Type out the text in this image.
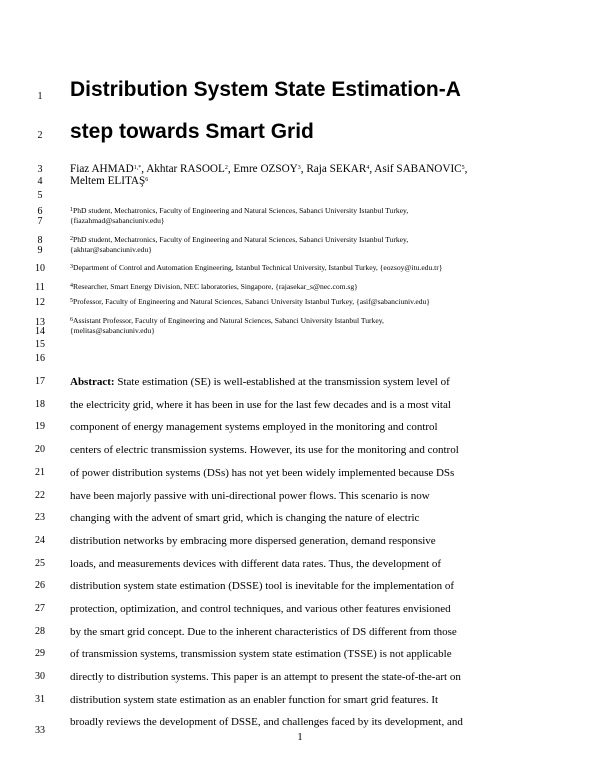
1
2
3
4
5
6
7
8
9
10
11
12
13
14
15
16
17
18
19
20
21
22
23
24
25
26
27
28
29
30
31
33
Distribution System State Estimation-A
step towards Smart Grid
Fiaz $AHMAD^{1,*}$, Akhtar RASOOL$^2$, Emre OZSOY$^3$, Raja SEKAR$^4$, Asif SABANOVIC$^5$,
Meltem ELITAŞ$^6$
$^1$PhD student, Mechatronics, Faculty of Engineering and Natural Sciences, Sabanci University Istanbul Turkey,
{fiazahmad@sabanciuniv.edu}
$^2$PhD student, Mechatronics, Faculty of Engineering and Natural Sciences, Sabanci University Istanbul Turkey,
{akhtar@sabanciuniv.edu}
$^3$Department of Control and Automation Engineering, Istanbul Technical University, Istanbul Turkey, {eozsoy@itu.edu.tr}
$^4$Researcher, Smart Energy Division, NEC laboratories, Singapore, {rajasekar_s@nec.com.sg}
$^5$Professor, Faculty of Engineering and Natural Sciences, Sabanci University Istanbul Turkey, {asif@sabanciuniv.edu}
$^6$Assistant Professor, Faculty of Engineering and Natural Sciences, Sabanci University Istanbul Turkey,
{melitas@sabanciuniv.edu}
Abstract: State estimation (SE) is well-established at the transmission system level of
the electricity grid, where it has been in use for the last few decades and is a most vital
component of energy management systems employed in the monitoring and control
centers of electric transmission systems. However, its use for the monitoring and control
of power distribution systems (DSs) has not yet been widely implemented because DSs
have been majorly passive with uni-directional power flows. This scenario is now
changing with the advent of smart grid, which is changing the nature of electric
distribution networks by embracing more dispersed generation, demand responsive
loads, and measurements devices with different data rates. Thus, the development of
distribution system state estimation (DSSE) tool is inevitable for the implementation of
protection, optimization, and control techniques, and various other features envisioned
by the smart grid concept. Due to the inherent characteristics of DS different from those
of transmission systems, transmission system state estimation (TSSE) is not applicable
directly to distribution systems. This paper is an attempt to present the state-of-the-art on
distribution system state estimation as an enabler function for smart grid features. It
broadly reviews the development of DSSE, and challenges faced by its development, and
1
